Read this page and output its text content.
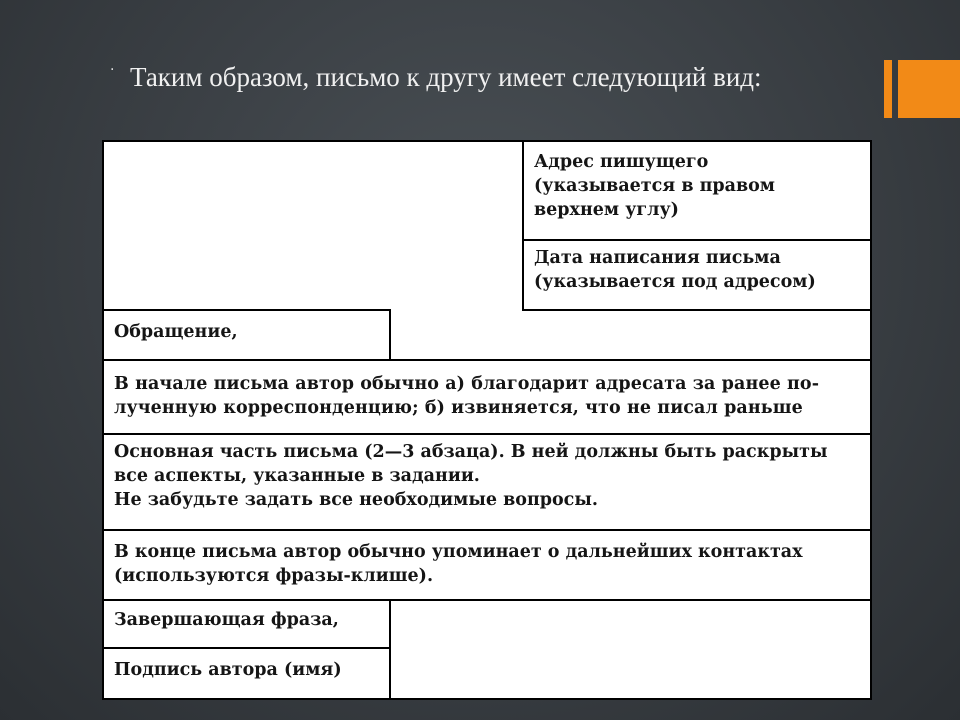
· Таким образом, письмо к другу имеет следующий вид:
Адрес пишущего
(указывается в правом
верхнем углу)
Дата написания письма
(указывается под адресом)
Обращение,
В начале письма автор обычно а) благодарит адресата за ранее по-
лученную корреспонденцию; б) извиняется, что не писал раньше
Основная часть письма (2—3 абзаца). В ней должны быть раскрыты
все аспекты, указанные в задании.
Не забудьте задать все необходимые вопросы.
В конце письма автор обычно упоминает о дальнейших контактах
(используются фразы-клише).
Завершающая фраза,
Подпись автора (имя)
